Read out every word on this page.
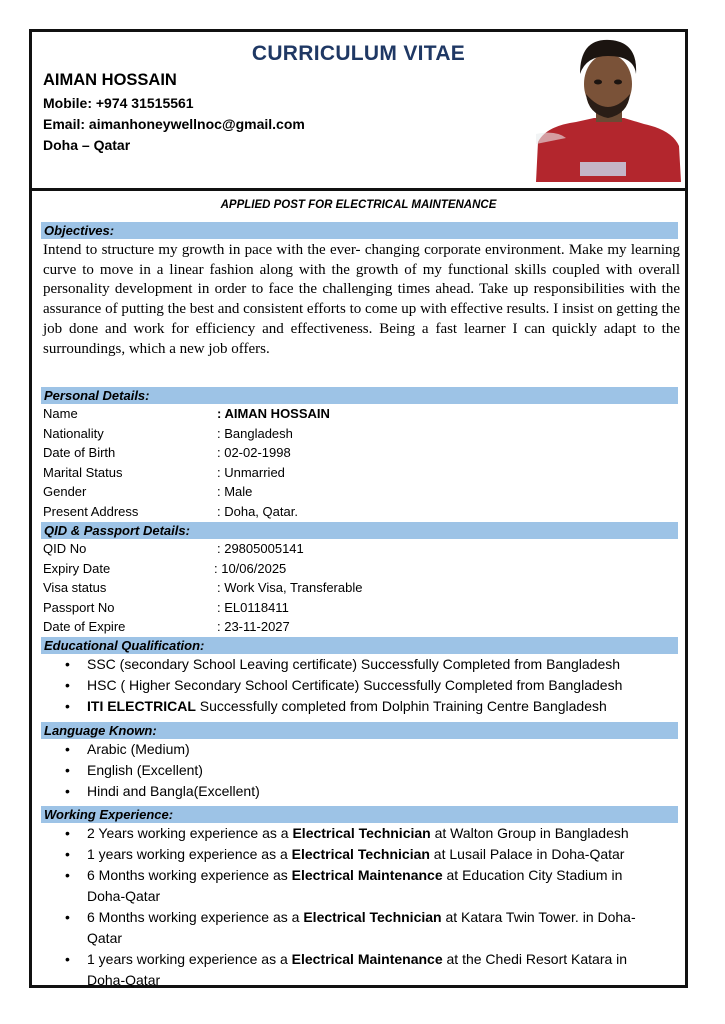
CURRICULUM VITAE
AIMAN HOSSAIN
Mobile: +974 31515561
Email: aimanhoneywellnoc@gmail.com
Doha – Qatar
APPLIED POST FOR ELECTRICAL MAINTENANCE
Objectives:
Intend to structure my growth in pace with the ever- changing corporate environment. Make my learning curve to move in a linear fashion along with the growth of my functional skills coupled with overall personality development in order to face the challenging times ahead. Take up responsibilities with the assurance of putting the best and consistent efforts to come up with effective results. I insist on getting the job done and work for efficiency and effectiveness. Being a fast learner I can quickly adapt to the surroundings, which a new job offers.
Personal Details:
Name	: AIMAN HOSSAIN
Nationality	: Bangladesh
Date of Birth	: 02-02-1998
Marital Status	: Unmarried
Gender	: Male
Present Address	: Doha, Qatar.
QID & Passport Details:
QID No	: 29805005141
Expiry Date	: 10/06/2025
Visa status	: Work Visa, Transferable
Passport No	: EL0118411
Date of Expire	: 23-11-2027
Educational Qualification:
• SSC (secondary School Leaving certificate) Successfully Completed from Bangladesh
• HSC ( Higher Secondary School Certificate) Successfully Completed from Bangladesh
• ITI ELECTRICAL Successfully completed from Dolphin Training Centre Bangladesh
Language Known:
• Arabic (Medium)
• English (Excellent)
• Hindi and Bangla(Excellent)
Working Experience:
• 2 Years working experience as a Electrical Technician at Walton Group in Bangladesh
• 1 years working experience as a Electrical Technician at Lusail Palace in Doha-Qatar
• 6 Months working experience as Electrical Maintenance at Education City Stadium in Doha-Qatar
• 6 Months working experience as a Electrical Technician at Katara Twin Tower. in Doha-Qatar
• 1 years working experience as a Electrical Maintenance at the Chedi Resort Katara in Doha-Qatar
